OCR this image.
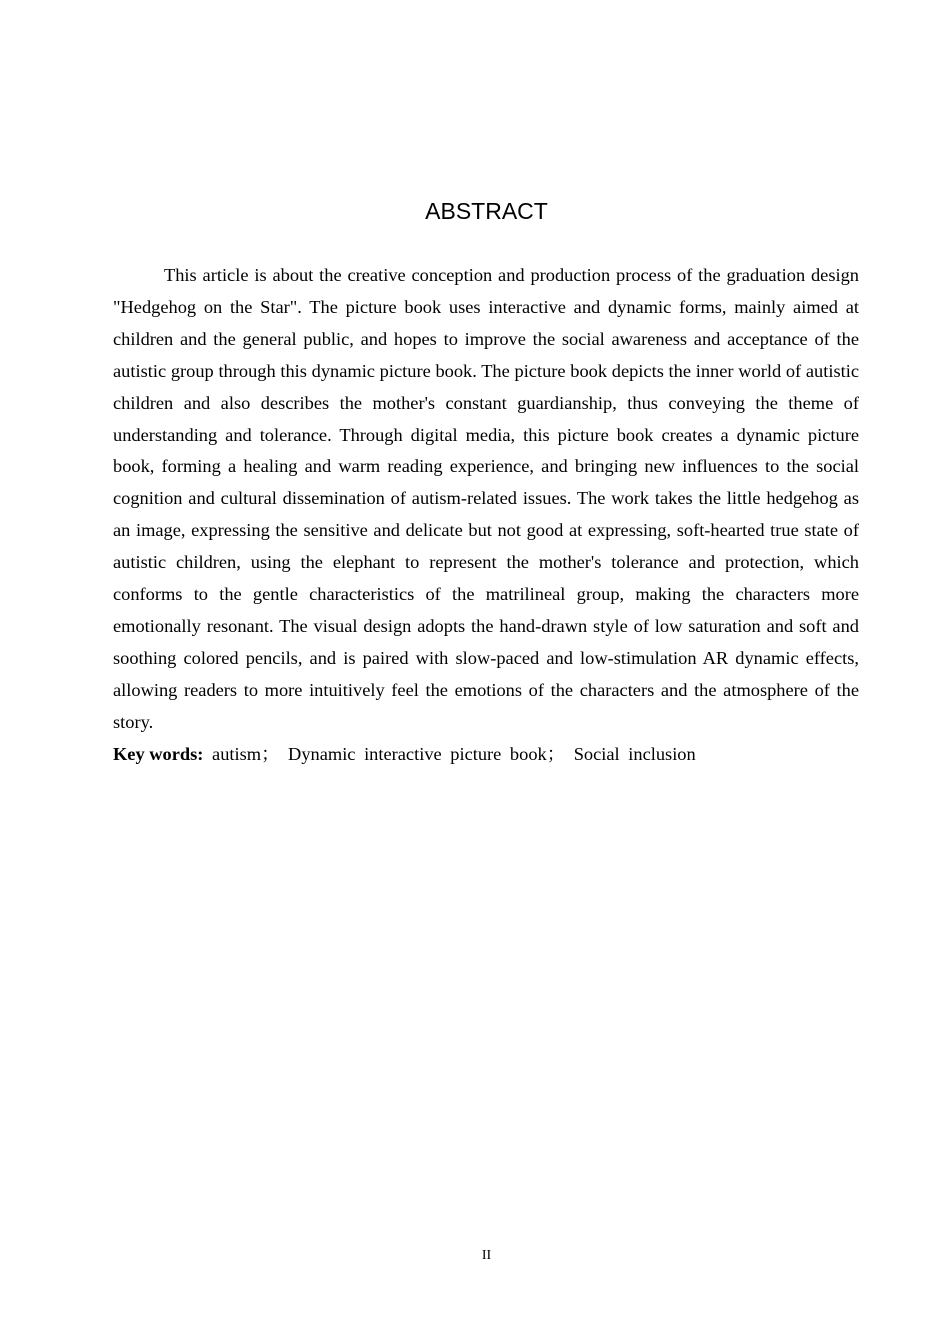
ABSTRACT

This article is about the creative conception and production process of the graduation design "Hedgehog on the Star". The picture book uses interactive and dynamic forms, mainly aimed at children and the general public, and hopes to improve the social awareness and acceptance of the autistic group through this dynamic picture book. The picture book depicts the inner world of autistic children and also describes the mother's constant guardianship, thus conveying the theme of understanding and tolerance. Through digital media, this picture book creates a dynamic picture book, forming a healing and warm reading experience, and bringing new influences to the social cognition and cultural dissemination of autism-related issues. The work takes the little hedgehog as an image, expressing the sensitive and delicate but not good at expressing, soft-hearted true state of autistic children, using the elephant to represent the mother's tolerance and protection, which conforms to the gentle characteristics of the matrilineal group, making the characters more emotionally resonant. The visual design adopts the hand-drawn style of low saturation and soft and soothing colored pencils, and is paired with slow-paced and low-stimulation AR dynamic effects, allowing readers to more intuitively feel the emotions of the characters and the atmosphere of the story.

Key words: autism； Dynamic interactive picture book； Social inclusion
II
